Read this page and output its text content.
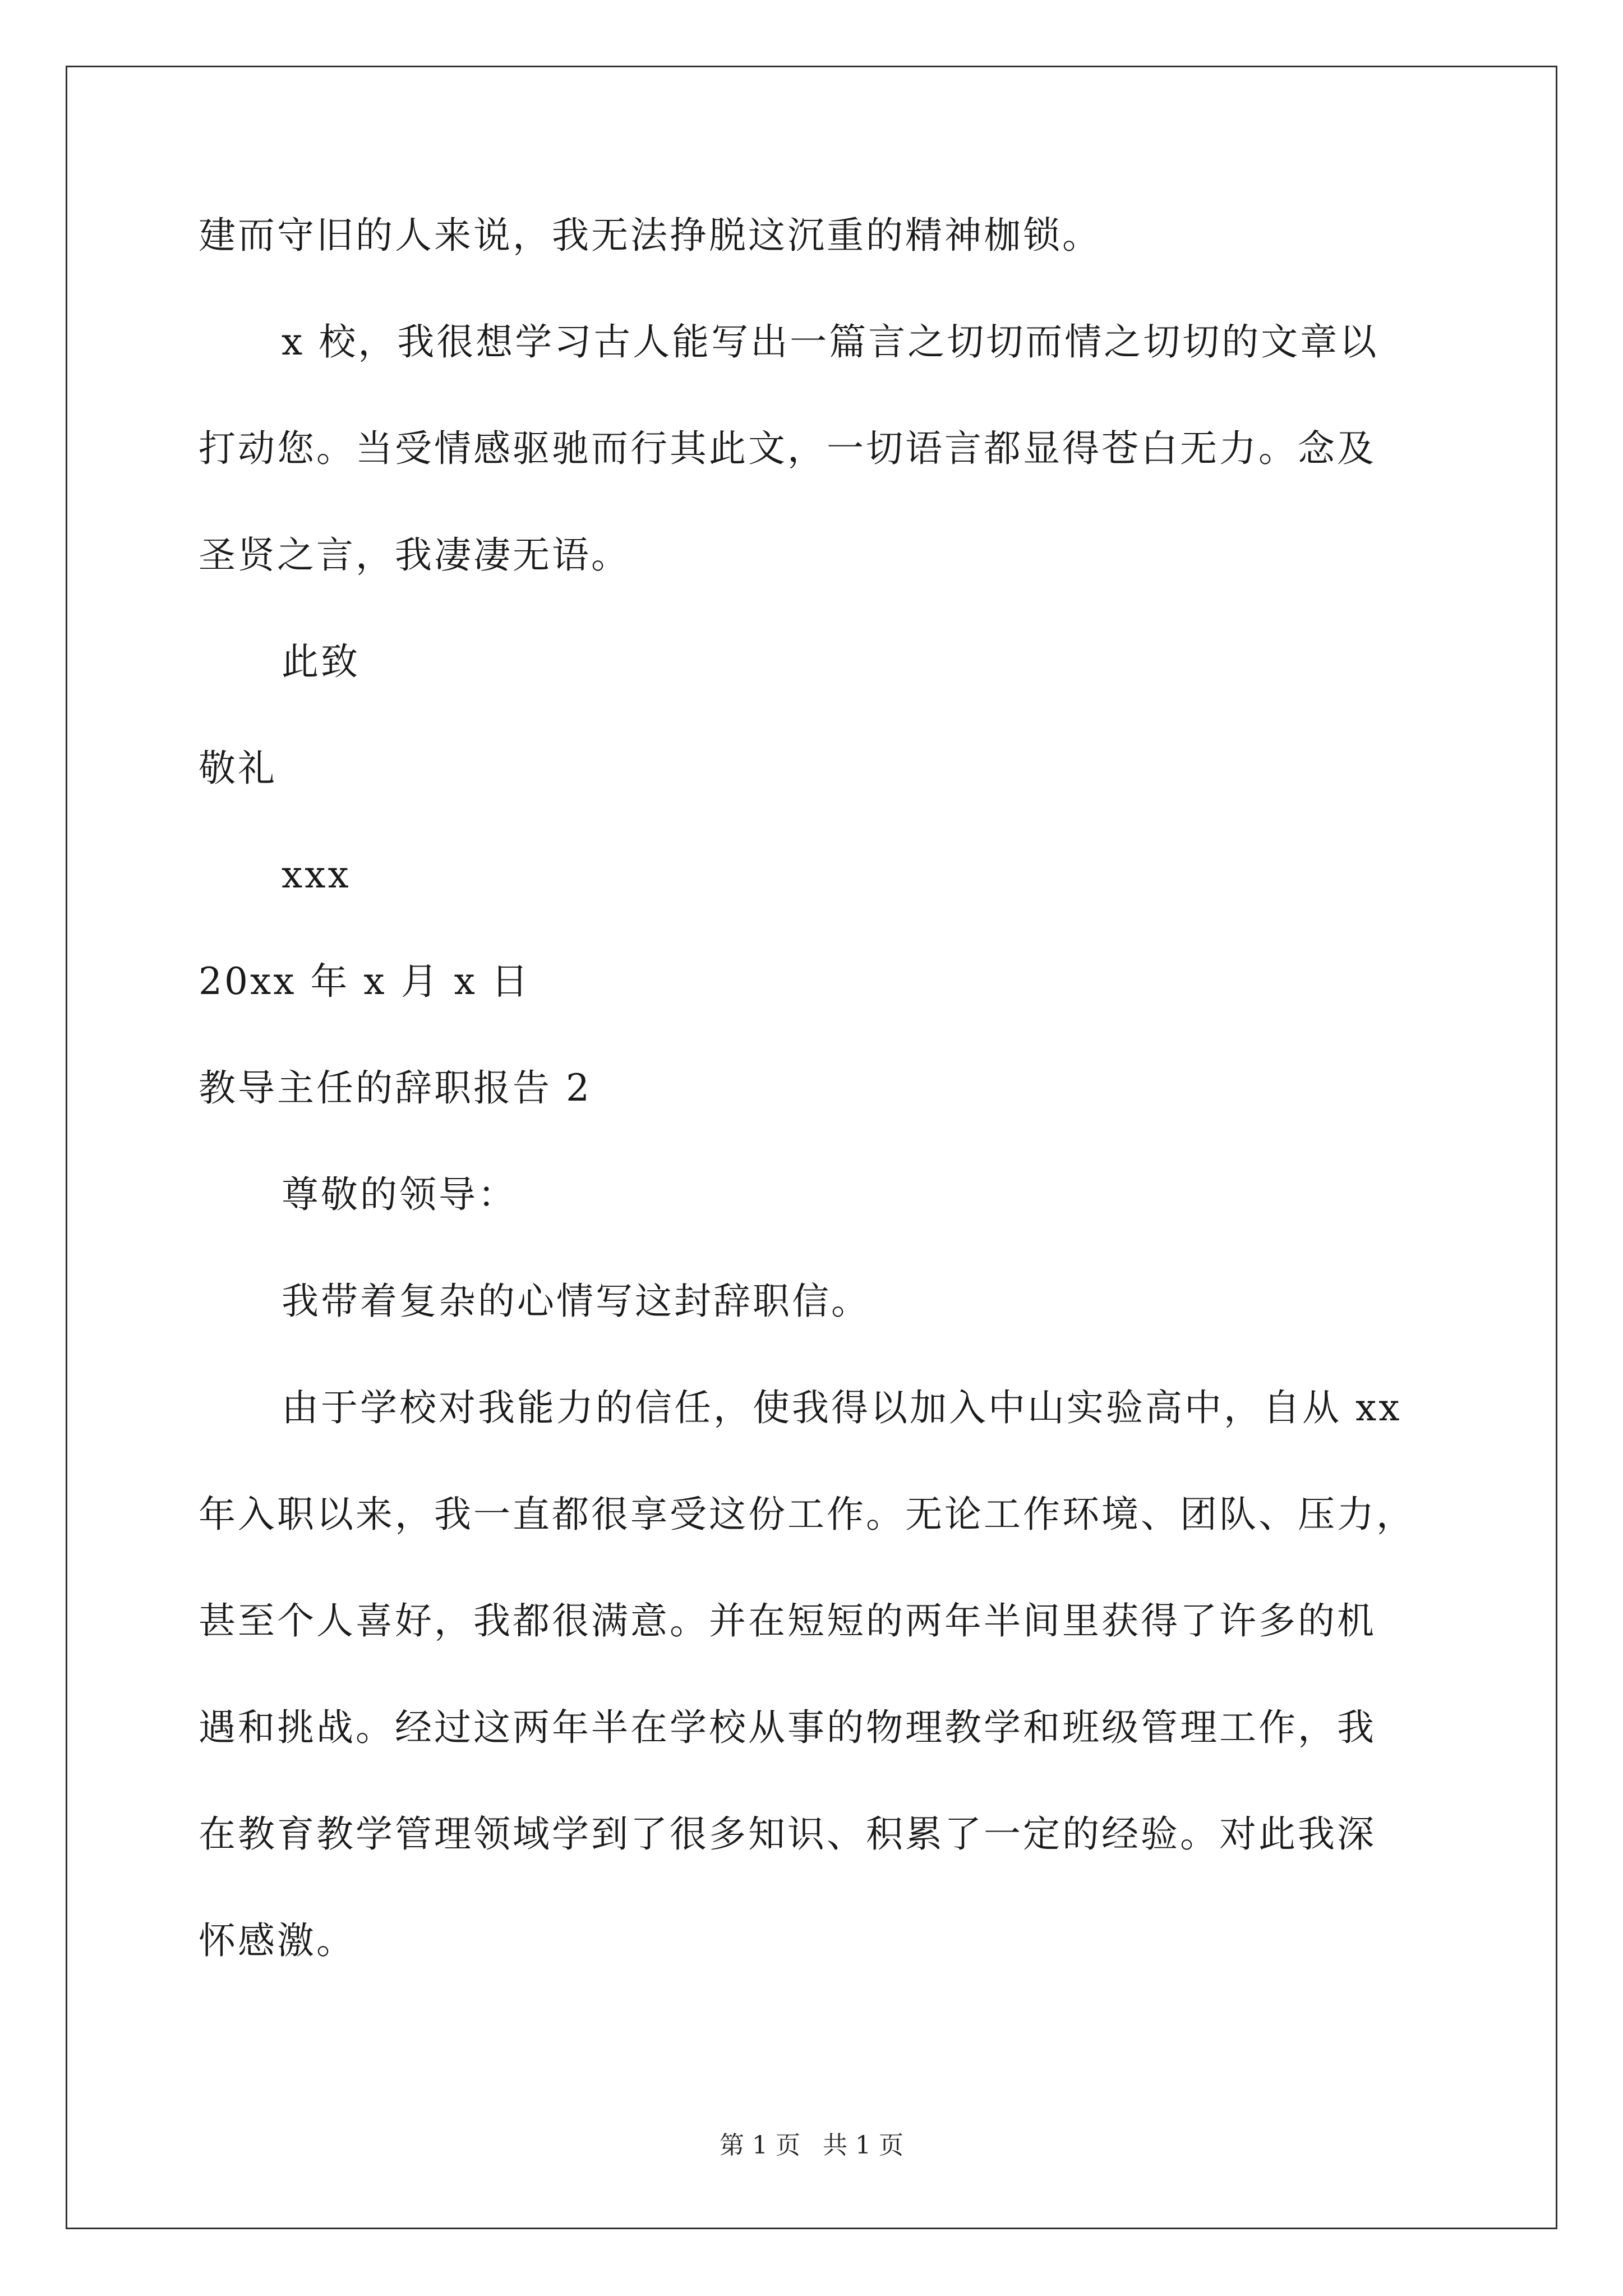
建而守旧的人来说，我无法挣脱这沉重的精神枷锁。
x 校，我很想学习古人能写出一篇言之切切而情之切切的文章以
打动您。当受情感驱驰而行其此文，一切语言都显得苍白无力。念及
圣贤之言，我凄凄无语。
此致
敬礼
xxx
20xx 年 x 月 x 日
教导主任的辞职报告 2
尊敬的领导：
我带着复杂的心情写这封辞职信。
由于学校对我能力的信任，使我得以加入中山实验高中，自从 xx
年入职以来，我一直都很享受这份工作。无论工作环境、团队、压力，
甚至个人喜好，我都很满意。并在短短的两年半间里获得了许多的机
遇和挑战。经过这两年半在学校从事的物理教学和班级管理工作，我
在教育教学管理领域学到了很多知识、积累了一定的经验。对此我深
怀感激。
第 1 页 共 1 页
